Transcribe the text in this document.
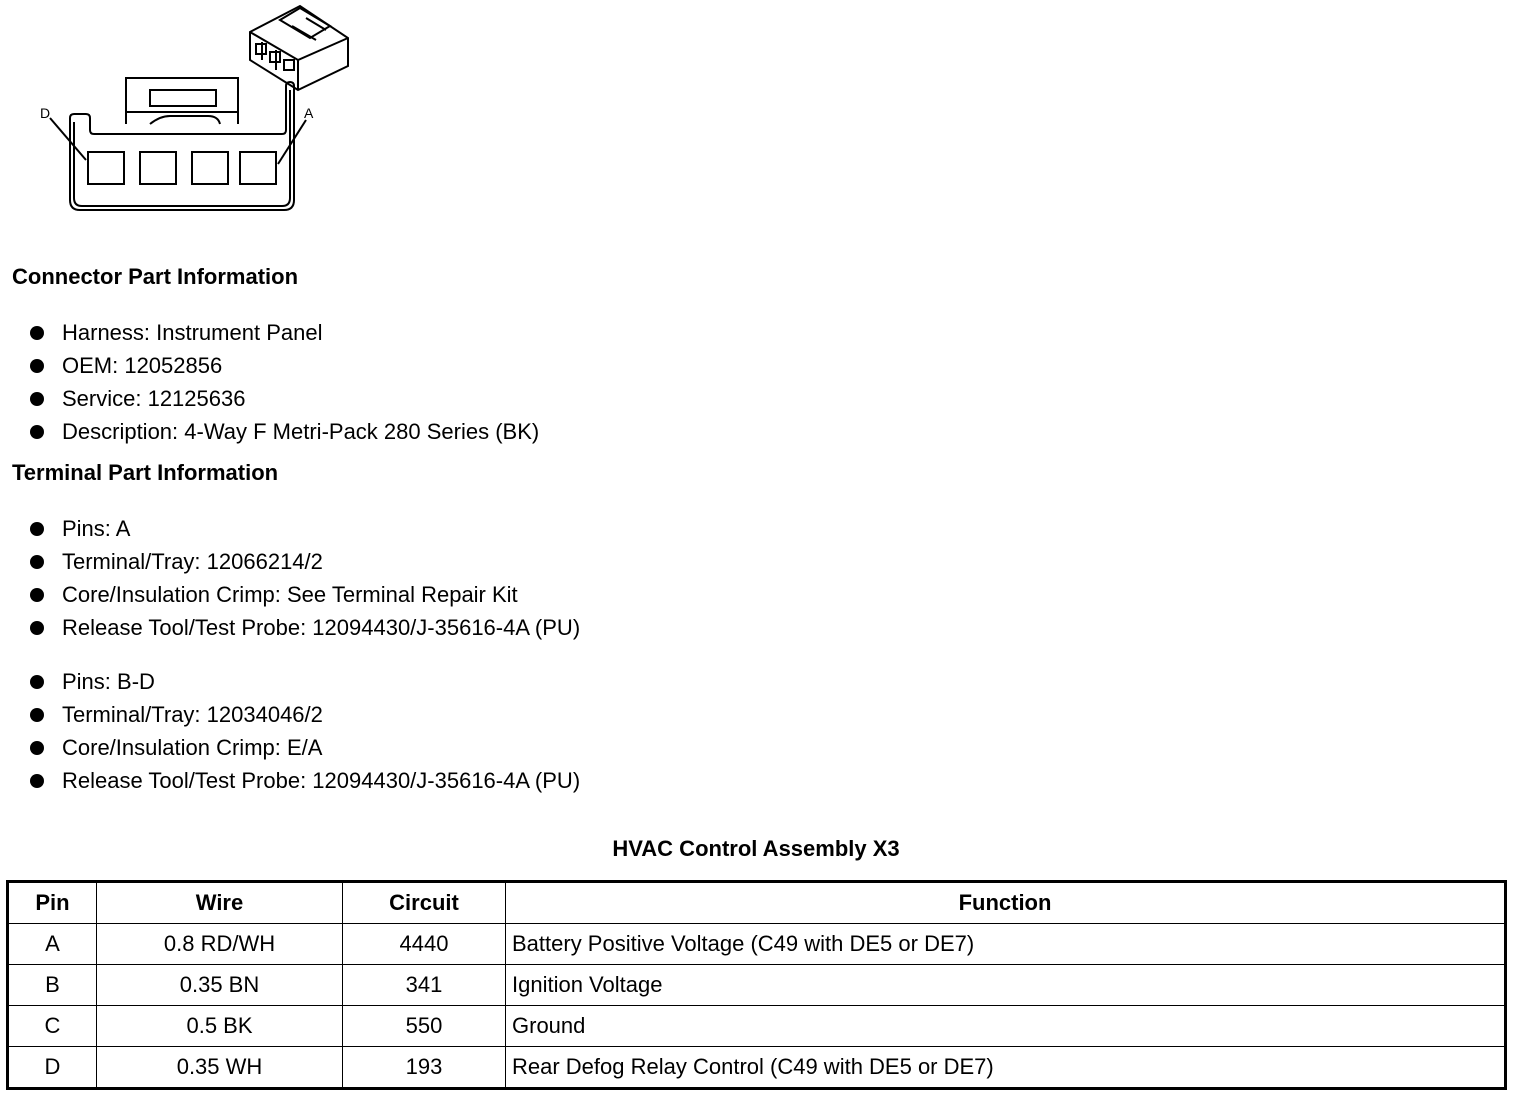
D	A
Connector Part Information
Harness: Instrument Panel
OEM: 12052856
Service: 12125636
Description: 4-Way F Metri-Pack 280 Series (BK)
Terminal Part Information
Pins: A
Terminal/Tray: 12066214/2
Core/Insulation Crimp: See Terminal Repair Kit
Release Tool/Test Probe: 12094430/J-35616-4A (PU)
Pins: B-D
Terminal/Tray: 12034046/2
Core/Insulation Crimp: E/A
Release Tool/Test Probe: 12094430/J-35616-4A (PU)
HVAC Control Assembly X3
Pin	Wire	Circuit	Function
A	0.8 RD/WH	4440	Battery Positive Voltage (C49 with DE5 or DE7)
B	0.35 BN	341	Ignition Voltage
C	0.5 BK	550	Ground
D	0.35 WH	193	Rear Defog Relay Control (C49 with DE5 or DE7)
